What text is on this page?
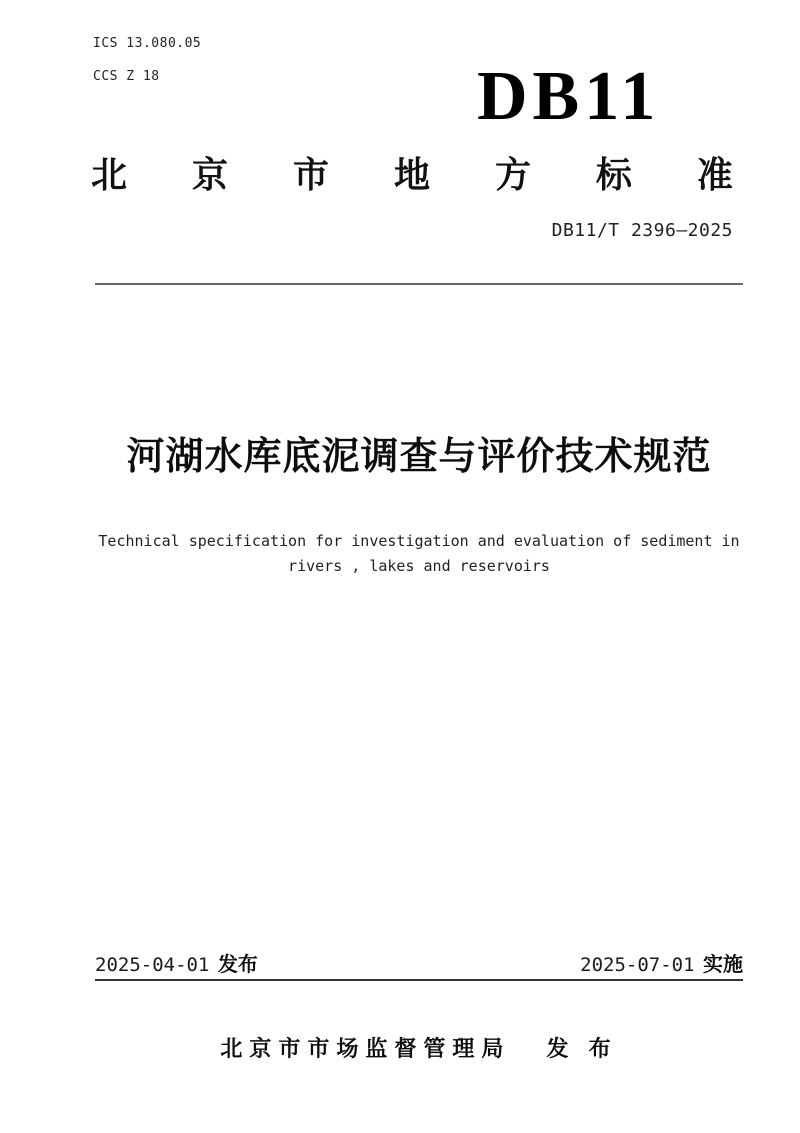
ICS 13.080.05
CCS Z 18	DB11
北 京 市 地 方 标 准
DB11/T 2396—2025
河湖水库底泥调查与评价技术规范
Technical specification for investigation and evaluation of sediment in
rivers , lakes and reservoirs
2025-04-01 发布	2025-07-01 实施
北京市市场监督管理局 发 布
